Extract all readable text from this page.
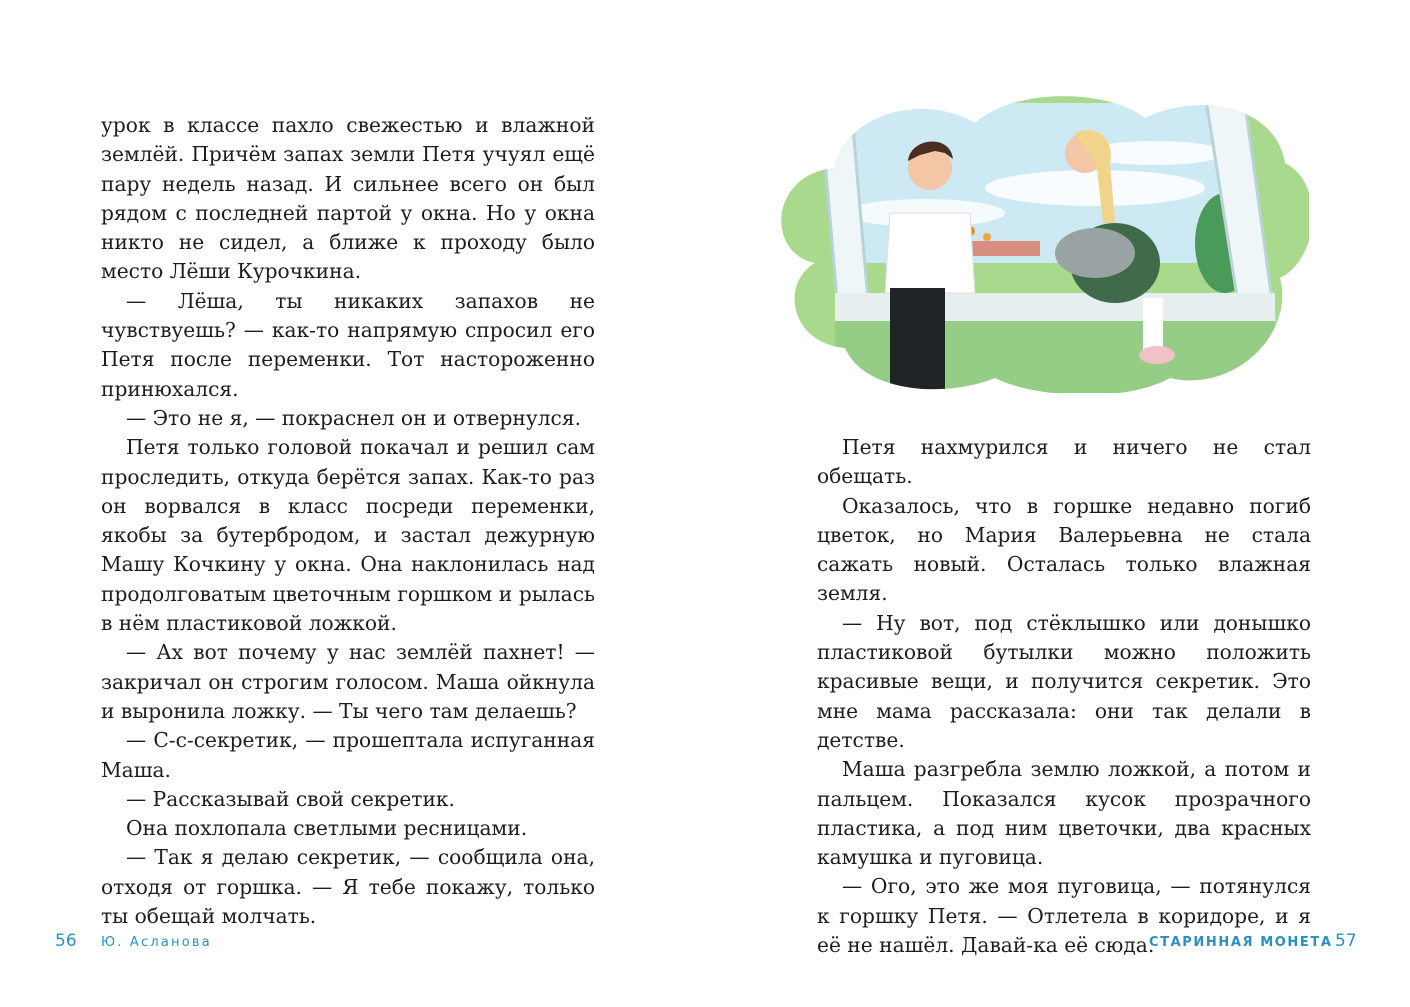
урок в классе пахло свежестью и влажной землёй. Причём запах земли Петя учуял ещё пару недель назад. И сильнее всего он был рядом с последней партой у окна. Но у окна никто не сидел, а ближе к проходу было место Лёши Курочкина.

— Лёша, ты никаких запахов не чувствуешь? — как-то напрямую спросил его Петя после переменки. Тот настороженно принюхался.

— Это не я, — покраснел он и отвернулся.

Петя только головой покачал и решил сам проследить, откуда берётся запах. Как-то раз он ворвался в класс посреди переменки, якобы за бутербродом, и застал дежурную Машу Кочкину у окна. Она наклонилась над продолговатым цветочным горшком и рылась в нём пластиковой ложкой.

— Ах вот почему у нас землёй пахнет! — закричал он строгим голосом. Маша ойкнула и выронила ложку. — Ты чего там делаешь?

— С-с-секретик, — прошептала испуганная Маша.

— Рассказывай свой секретик.

Она похлопала светлыми ресницами.

— Так я делаю секретик, — сообщила она, отходя от горшка. — Я тебе покажу, только ты обещай молчать.

56 Ю. Асланова

Петя нахмурился и ничего не стал обещать.

Оказалось, что в горшке недавно погиб цветок, но Мария Валерьевна не стала сажать новый. Осталась только влажная земля.

— Ну вот, под стёклышко или донышко пластиковой бутылки можно положить красивые вещи, и получится секретик. Это мне мама рассказала: они так делали в детстве.

Маша разгребла землю ложкой, а потом и пальцем. Показался кусок прозрачного пластика, а под ним цветочки, два красных камушка и пуговица.

— Ого, это же моя пуговица, — потянулся к горшку Петя. — Отлетела в коридоре, и я её не нашёл. Давай-ка её сюда.

СТАРИННАЯ МОНЕТА 57
